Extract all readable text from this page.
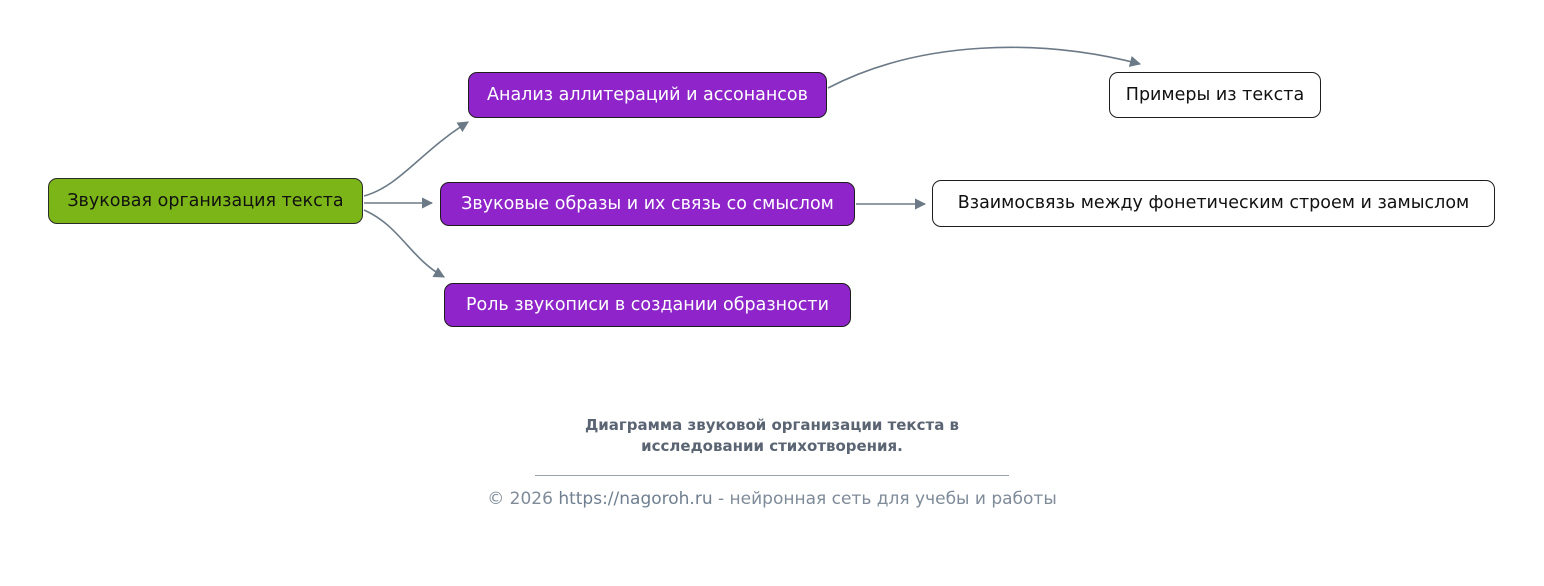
Звуковая организация текста
Анализ аллитераций и ассонансов
Звуковые образы и их связь со смыслом
Роль звукописи в создании образности
Примеры из текста
Взаимосвязь между фонетическим строем и замыслом
Диаграмма звуковой организации текста в
исследовании стихотворения.
© 2026 https://nagoroh.ru - нейронная сеть для учебы и работы
